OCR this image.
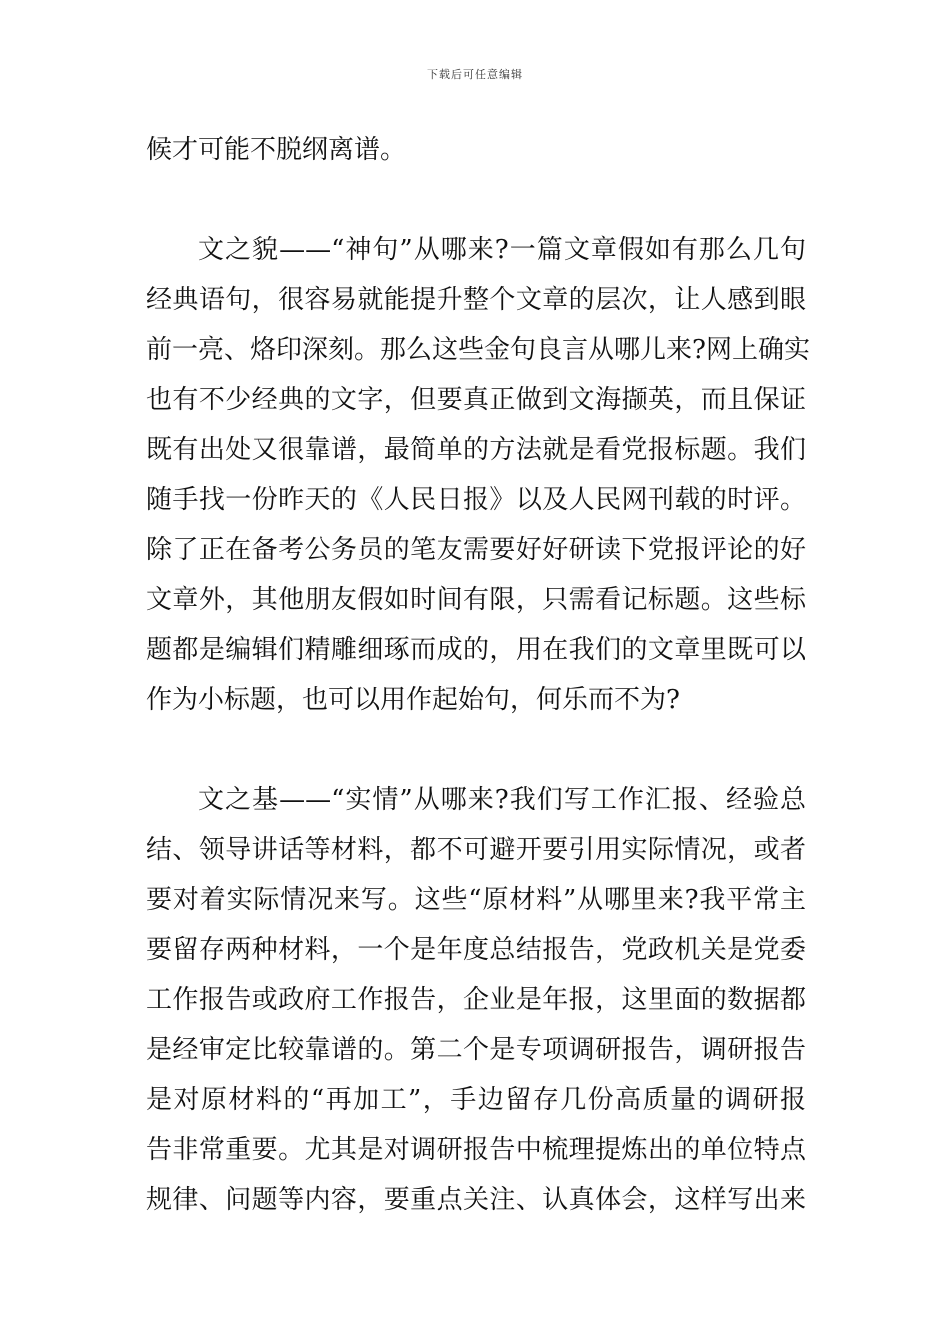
下载后可任意编辑
候才可能不脱纲离谱。
文之貌——“神句”从哪来?一篇文章假如有那么几句
经典语句，很容易就能提升整个文章的层次，让人感到眼
前一亮、烙印深刻。那么这些金句良言从哪儿来?网上确实
也有不少经典的文字，但要真正做到文海撷英，而且保证
既有出处又很靠谱，最简单的方法就是看党报标题。我们
随手找一份昨天的《人民日报》以及人民网刊载的时评。
除了正在备考公务员的笔友需要好好研读下党报评论的好
文章外，其他朋友假如时间有限，只需看记标题。这些标
题都是编辑们精雕细琢而成的，用在我们的文章里既可以
作为小标题，也可以用作起始句，何乐而不为?
文之基——“实情”从哪来?我们写工作汇报、经验总
结、领导讲话等材料，都不可避开要引用实际情况，或者
要对着实际情况来写。这些“原材料”从哪里来?我平常主
要留存两种材料，一个是年度总结报告，党政机关是党委
工作报告或政府工作报告，企业是年报，这里面的数据都
是经审定比较靠谱的。第二个是专项调研报告，调研报告
是对原材料的“再加工”，手边留存几份高质量的调研报
告非常重要。尤其是对调研报告中梳理提炼出的单位特点
规律、问题等内容，要重点关注、认真体会，这样写出来
